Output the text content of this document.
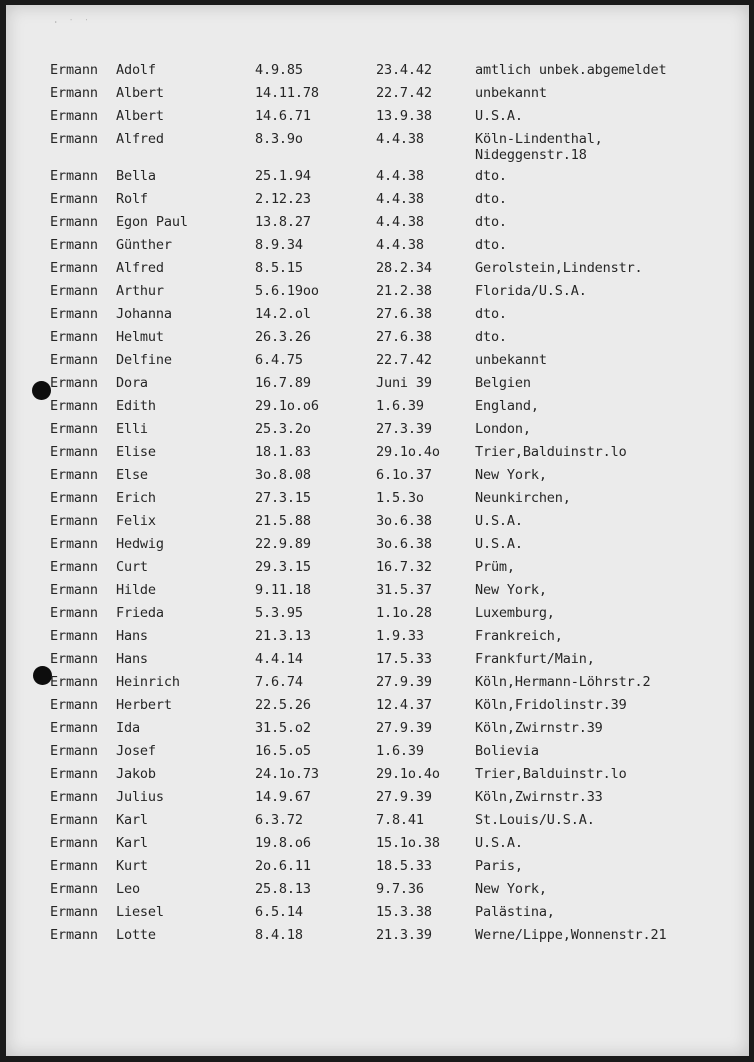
· ˙ ˙
Ermann Adolf	4.9.85	23.4.42	amtlich unbek.abgemeldet
Ermann Albert	14.11.78	22.7.42	unbekannt
Ermann Albert	14.6.71	13.9.38	U.S.A.
Ermann Alfred	8.3.9o	4.4.38	Köln-Lindenthal,
Nideggenstr.18
Ermann Bella	25.1.94	4.4.38	dto.
Ermann Rolf	2.12.23	4.4.38	dto.
Ermann Egon Paul	13.8.27	4.4.38	dto.
Ermann Günther	8.9.34	4.4.38	dto.
Ermann Alfred	8.5.15	28.2.34	Gerolstein,Lindenstr.
Ermann Arthur	5.6.19oo	21.2.38	Florida/U.S.A.
Ermann Johanna	14.2.ol	27.6.38	dto.
Ermann Helmut	26.3.26	27.6.38	dto.
Ermann Delfine	6.4.75	22.7.42	unbekannt
Ermann Dora	16.7.89	Juni 39	Belgien
Ermann Edith	29.1o.o6	1.6.39	England,
Ermann Elli	25.3.2o	27.3.39	London,
Ermann Elise	18.1.83	29.1o.4o	Trier,Balduinstr.lo
Ermann Else	3o.8.08	6.1o.37	New York,
Ermann Erich	27.3.15	1.5.3o	Neunkirchen,
Ermann Felix	21.5.88	3o.6.38	U.S.A.
Ermann Hedwig	22.9.89	3o.6.38	U.S.A.
Ermann Curt	29.3.15	16.7.32	Prüm,
Ermann Hilde	9.11.18	31.5.37	New York,
Ermann Frieda	5.3.95	1.1o.28	Luxemburg,
Ermann Hans	21.3.13	1.9.33	Frankreich,
Ermann Hans	4.4.14	17.5.33	Frankfurt/Main,
Ermann Heinrich	7.6.74	27.9.39	Köln,Hermann-Löhrstr.2
Ermann Herbert	22.5.26	12.4.37	Köln,Fridolinstr.39
Ermann Ida	31.5.o2	27.9.39	Köln,Zwirnstr.39
Ermann Josef	16.5.o5	1.6.39	Bolievia
Ermann Jakob	24.1o.73	29.1o.4o	Trier,Balduinstr.lo
Ermann Julius	14.9.67	27.9.39	Köln,Zwirnstr.33
Ermann Karl	6.3.72	7.8.41	St.Louis/U.S.A.
Ermann Karl	19.8.o6	15.1o.38	U.S.A.
Ermann Kurt	2o.6.11	18.5.33	Paris,
Ermann Leo	25.8.13	9.7.36	New York,
Ermann Liesel	6.5.14	15.3.38	Palästina,
Ermann Lotte	8.4.18	21.3.39	Werne/Lippe,Wonnenstr.21
